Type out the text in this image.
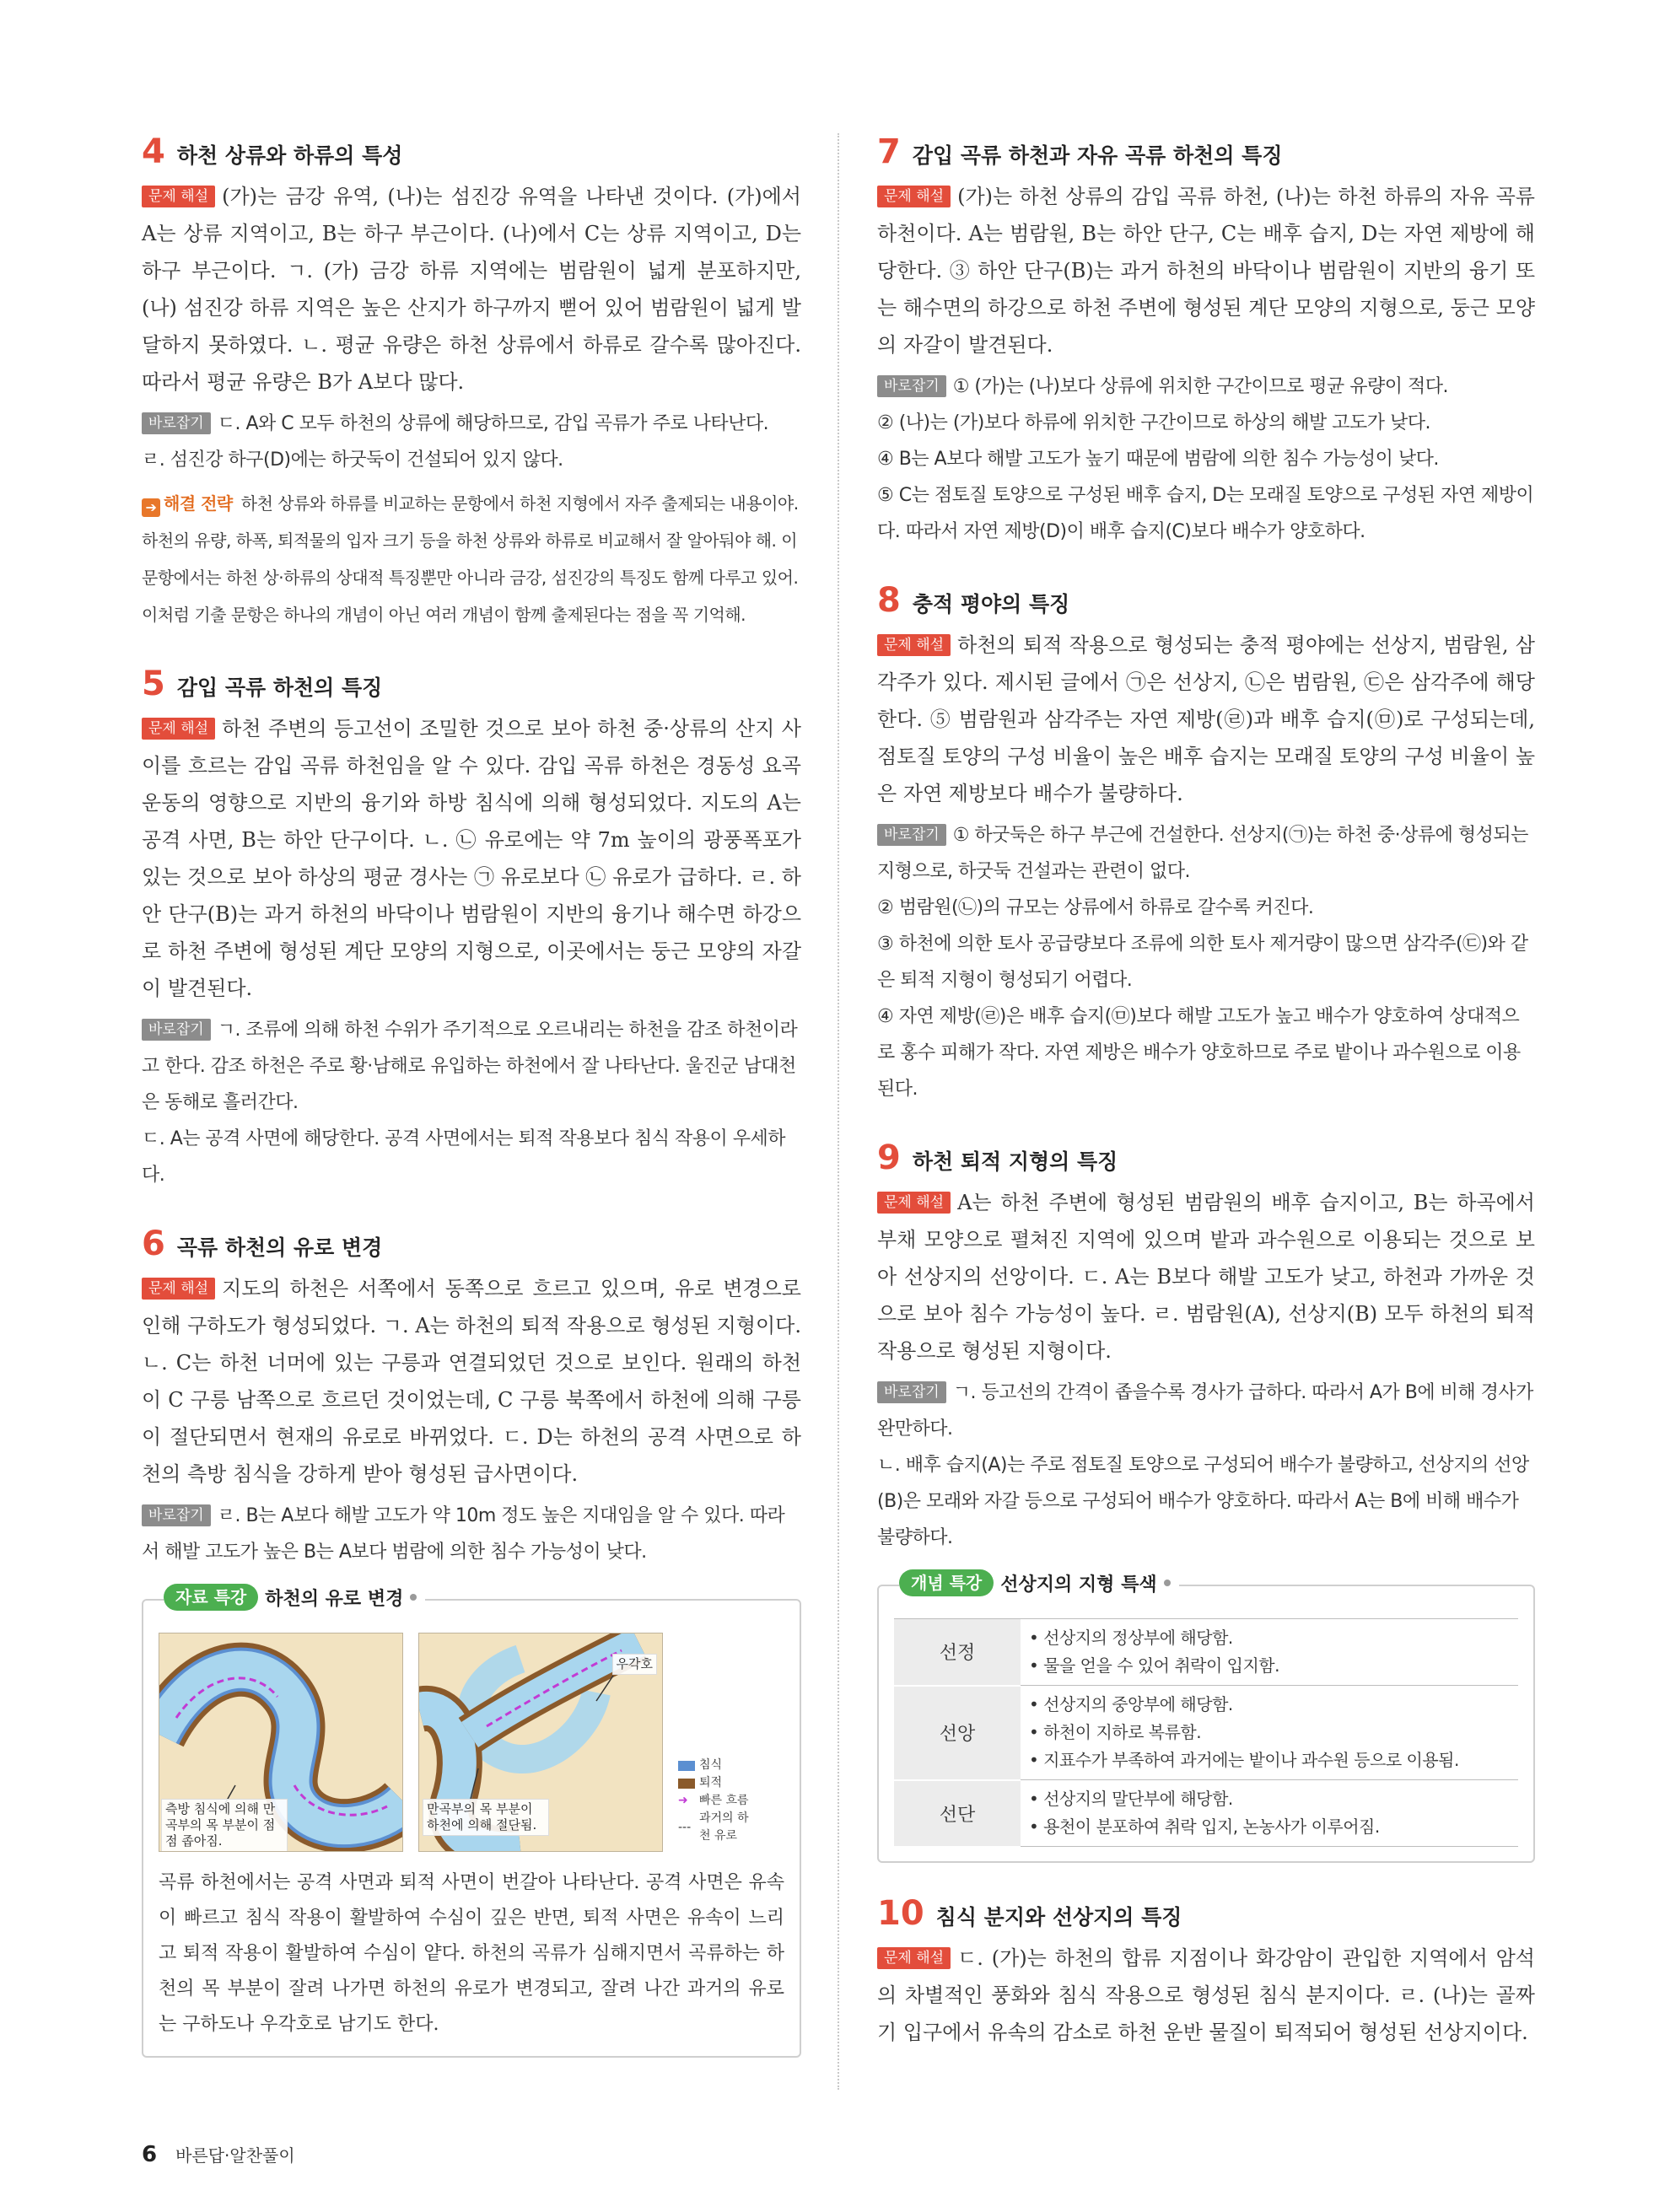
4 하천 상류와 하류의 특성
문제 해설 (가)는 금강 유역, (나)는 섬진강 유역을 나타낸 것이다. (가)에서 A는 상류 지역이고, B는 하구 부근이다. (나)에서 C는 상류 지역이고, D는 하구 부근이다. ㄱ. (가) 금강 하류 지역에는 범람원이 넓게 분포하지만, (나) 섬진강 하류 지역은 높은 산지가 하구까지 뻗어 있어 범람원이 넓게 발달하지 못하였다. ㄴ. 평균 유량은 하천 상류에서 하류로 갈수록 많아진다. 따라서 평균 유량은 B가 A보다 많다.
바로잡기 ㄷ. A와 C 모두 하천의 상류에 해당하므로, 감입 곡류가 주로 나타난다.
ㄹ. 섬진강 하구(D)에는 하굿둑이 건설되어 있지 않다.
➔ 해결 전략 하천 상류와 하류를 비교하는 문항에서 하천 지형에서 자주 출제되는 내용이야. 하천의 유량, 하폭, 퇴적물의 입자 크기 등을 하천 상류와 하류로 비교해서 잘 알아둬야 해. 이 문항에서는 하천 상·하류의 상대적 특징뿐만 아니라 금강, 섬진강의 특징도 함께 다루고 있어. 이처럼 기출 문항은 하나의 개념이 아닌 여러 개념이 함께 출제된다는 점을 꼭 기억해.
5 감입 곡류 하천의 특징
문제 해설 하천 주변의 등고선이 조밀한 것으로 보아 하천 중·상류의 산지 사이를 흐르는 감입 곡류 하천임을 알 수 있다. 감입 곡류 하천은 경동성 요곡 운동의 영향으로 지반의 융기와 하방 침식에 의해 형성되었다. 지도의 A는 공격 사면, B는 하안 단구이다. ㄴ. ㉡ 유로에는 약 7m 높이의 광풍폭포가 있는 것으로 보아 하상의 평균 경사는 ㉠ 유로보다 ㉡ 유로가 급하다. ㄹ. 하안 단구(B)는 과거 하천의 바닥이나 범람원이 지반의 융기나 해수면 하강으로 하천 주변에 형성된 계단 모양의 지형으로, 이곳에서는 둥근 모양의 자갈이 발견된다.
바로잡기 ㄱ. 조류에 의해 하천 수위가 주기적으로 오르내리는 하천을 감조 하천이라고 한다. 감조 하천은 주로 황·남해로 유입하는 하천에서 잘 나타난다. 울진군 남대천은 동해로 흘러간다.
ㄷ. A는 공격 사면에 해당한다. 공격 사면에서는 퇴적 작용보다 침식 작용이 우세하다.
6 곡류 하천의 유로 변경
문제 해설 지도의 하천은 서쪽에서 동쪽으로 흐르고 있으며, 유로 변경으로 인해 구하도가 형성되었다. ㄱ. A는 하천의 퇴적 작용으로 형성된 지형이다. ㄴ. C는 하천 너머에 있는 구릉과 연결되었던 것으로 보인다. 원래의 하천이 C 구릉 남쪽으로 흐르던 것이었는데, C 구릉 북쪽에서 하천에 의해 구릉이 절단되면서 현재의 유로로 바뀌었다. ㄷ. D는 하천의 공격 사면으로 하천의 측방 침식을 강하게 받아 형성된 급사면이다.
바로잡기 ㄹ. B는 A보다 해발 고도가 약 10m 정도 높은 지대임을 알 수 있다. 따라서 해발 고도가 높은 B는 A보다 범람에 의한 침수 가능성이 낮다.
자료 특강	하천의 유로 변경
측방 침식에 의해 만곡부의 목 부분이 점점 좁아짐.
우각호
만곡부의 목 부분이 하천에 의해 절단됨.
침식
퇴적
➜ 빠른 흐름
---
과거의 하천 유로
곡류 하천에서는 공격 사면과 퇴적 사면이 번갈아 나타난다. 공격 사면은 유속이 빠르고 침식 작용이 활발하여 수심이 깊은 반면, 퇴적 사면은 유속이 느리고 퇴적 작용이 활발하여 수심이 얕다. 하천의 곡류가 심해지면서 곡류하는 하천의 목 부분이 잘려 나가면 하천의 유로가 변경되고, 잘려 나간 과거의 유로는 구하도나 우각호로 남기도 한다.
7 감입 곡류 하천과 자유 곡류 하천의 특징
문제 해설 (가)는 하천 상류의 감입 곡류 하천, (나)는 하천 하류의 자유 곡류 하천이다. A는 범람원, B는 하안 단구, C는 배후 습지, D는 자연 제방에 해당한다. ③ 하안 단구(B)는 과거 하천의 바닥이나 범람원이 지반의 융기 또는 해수면의 하강으로 하천 주변에 형성된 계단 모양의 지형으로, 둥근 모양의 자갈이 발견된다.
바로잡기 ① (가)는 (나)보다 상류에 위치한 구간이므로 평균 유량이 적다.
② (나)는 (가)보다 하류에 위치한 구간이므로 하상의 해발 고도가 낮다.
④ B는 A보다 해발 고도가 높기 때문에 범람에 의한 침수 가능성이 낮다.
⑤ C는 점토질 토양으로 구성된 배후 습지, D는 모래질 토양으로 구성된 자연 제방이다. 따라서 자연 제방(D)이 배후 습지(C)보다 배수가 양호하다.
8 충적 평야의 특징
문제 해설 하천의 퇴적 작용으로 형성되는 충적 평야에는 선상지, 범람원, 삼각주가 있다. 제시된 글에서 ㉠은 선상지, ㉡은 범람원, ㉢은 삼각주에 해당한다. ⑤ 범람원과 삼각주는 자연 제방(㉣)과 배후 습지(㉤)로 구성되는데, 점토질 토양의 구성 비율이 높은 배후 습지는 모래질 토양의 구성 비율이 높은 자연 제방보다 배수가 불량하다.
바로잡기 ① 하굿둑은 하구 부근에 건설한다. 선상지(㉠)는 하천 중·상류에 형성되는 지형으로, 하굿둑 건설과는 관련이 없다.
② 범람원(㉡)의 규모는 상류에서 하류로 갈수록 커진다.
③ 하천에 의한 토사 공급량보다 조류에 의한 토사 제거량이 많으면 삼각주(㉢)와 같은 퇴적 지형이 형성되기 어렵다.
④ 자연 제방(㉣)은 배후 습지(㉤)보다 해발 고도가 높고 배수가 양호하여 상대적으로 홍수 피해가 작다. 자연 제방은 배수가 양호하므로 주로 밭이나 과수원으로 이용된다.
9 하천 퇴적 지형의 특징
문제 해설 A는 하천 주변에 형성된 범람원의 배후 습지이고, B는 하곡에서 부채 모양으로 펼쳐진 지역에 있으며 밭과 과수원으로 이용되는 것으로 보아 선상지의 선앙이다. ㄷ. A는 B보다 해발 고도가 낮고, 하천과 가까운 것으로 보아 침수 가능성이 높다. ㄹ. 범람원(A), 선상지(B) 모두 하천의 퇴적 작용으로 형성된 지형이다.
바로잡기 ㄱ. 등고선의 간격이 좁을수록 경사가 급하다. 따라서 A가 B에 비해 경사가 완만하다.
ㄴ. 배후 습지(A)는 주로 점토질 토양으로 구성되어 배수가 불량하고, 선상지의 선앙(B)은 모래와 자갈 등으로 구성되어 배수가 양호하다. 따라서 A는 B에 비해 배수가 불량하다.
개념 특강	선상지의 지형 특색
선정	• 선상지의 정상부에 해당함.
• 물을 얻을 수 있어 취락이 입지함.

선앙	• 선상지의 중앙부에 해당함.
• 하천이 지하로 복류함.
• 지표수가 부족하여 과거에는 밭이나 과수원 등으로 이용됨.

선단	• 선상지의 말단부에 해당함.
• 용천이 분포하여 취락 입지, 논농사가 이루어짐.
10 침식 분지와 선상지의 특징
문제 해설 ㄷ. (가)는 하천의 합류 지점이나 화강암이 관입한 지역에서 암석의 차별적인 풍화와 침식 작용으로 형성된 침식 분지이다. ㄹ. (나)는 골짜기 입구에서 유속의 감소로 하천 운반 물질이 퇴적되어 형성된 선상지이다.
6 바른답·알찬풀이
